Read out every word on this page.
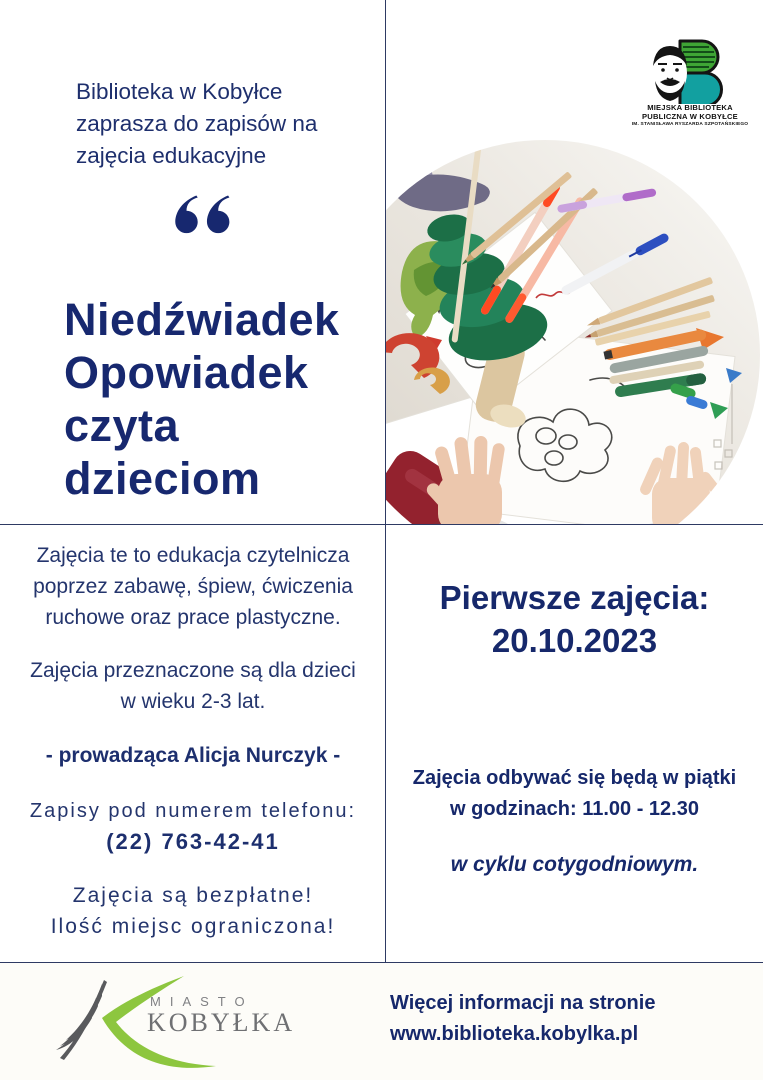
Biblioteka w Kobyłce
zaprasza do zapisów na
zajęcia edukacyjne
Niedźwiadek
Opowiadek
czyta
dzieciom
MIEJSKA BIBLIOTEKA
PUBLICZNA W KOBYŁCE
IM. STANISŁAWA RYSZARDA SZPOTAŃSKIEGO
Zajęcia te to edukacja czytelnicza
poprzez zabawę, śpiew, ćwiczenia
ruchowe oraz prace plastyczne.
Zajęcia przeznaczone są dla dzieci
w wieku 2-3 lat.
- prowadząca Alicja Nurczyk -
Zapisy pod numerem telefonu:
(22) 763-42-41
Zajęcia są bezpłatne!
Ilość miejsc ograniczona!
Pierwsze zajęcia:
20.10.2023
Zajęcia odbywać się będą w piątki
w godzinach: 11.00 - 12.30
w cyklu cotygodniowym.
MIASTO
KOBYŁKA
Więcej informacji na stronie
www.biblioteka.kobylka.pl
